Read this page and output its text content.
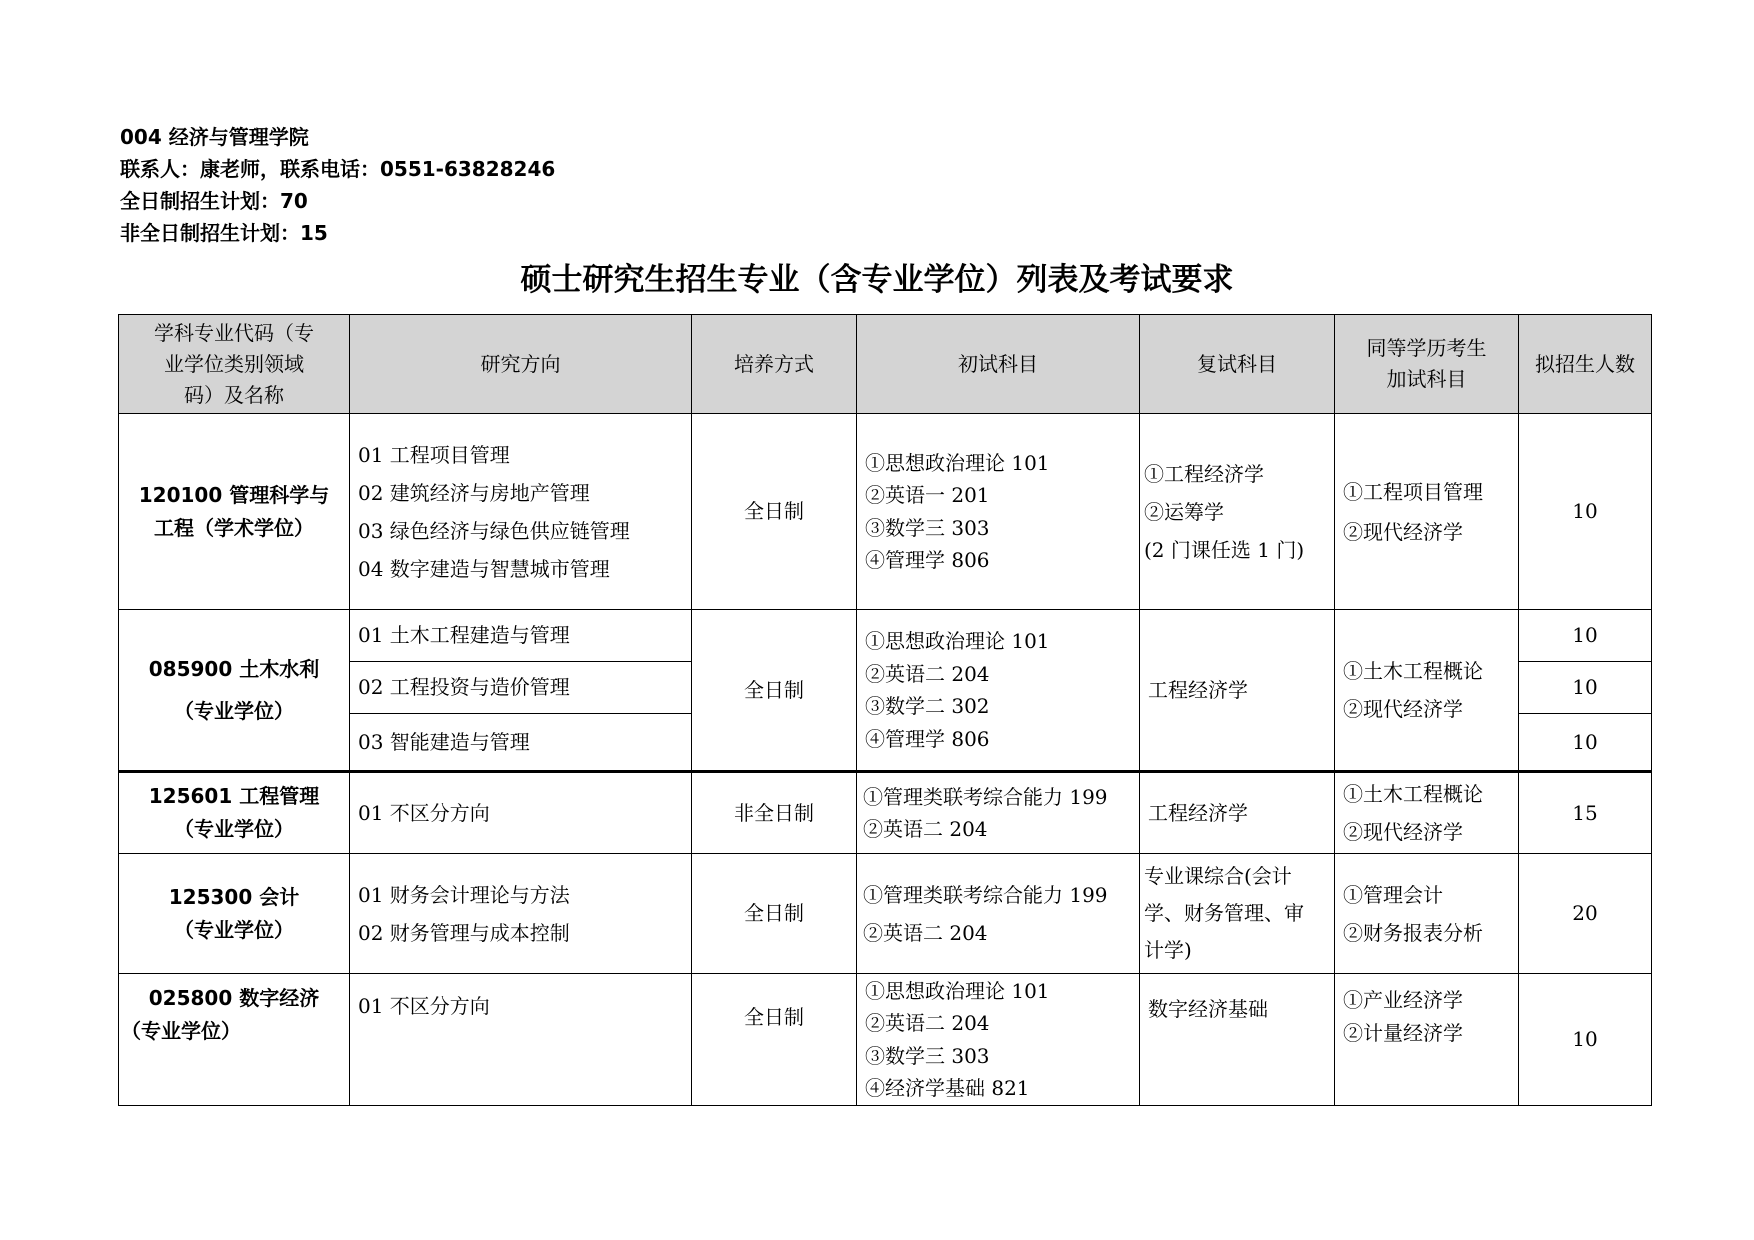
004 经济与管理学院
联系人：康老师，联系电话：0551-63828246
全日制招生计划：70
非全日制招生计划：15
硕士研究生招生专业（含专业学位）列表及考试要求
学科专业代码（专
业学位类别领域
码）及名称	研究方向	培养方式	初试科目	复试科目	同等学历考生
加试科目	拟招生人数

120100 管理科学与
工程（学术学位）	01 工程项目管理
02 建筑经济与房地产管理
03 绿色经济与绿色供应链管理
04 数字建造与智慧城市管理	全日制	①思想政治理论 101
②英语一 201
③数学三 303
④管理学 806	①工程经济学
②运筹学
(2 门课任选 1 门)	①工程项目管理
②现代经济学	10

085900 土木水利
（专业学位）	01 土木工程建造与管理	全日制	①思想政治理论 101
②英语二 204
③数学二 302
④管理学 806	工程经济学	①土木工程概论
②现代经济学	10
	02 工程投资与造价管理					10
	03 智能建造与管理					10

125601 工程管理
（专业学位）	01 不区分方向	非全日制	①管理类联考综合能力 199
②英语二 204	工程经济学	①土木工程概论
②现代经济学	15

125300 会计
（专业学位）	01 财务会计理论与方法
02 财务管理与成本控制	全日制	①管理类联考综合能力 199
②英语二 204	专业课综合(会计
学、财务管理、审
计学)	①管理会计
②财务报表分析	20

025800 数字经济
（专业学位）	01 不区分方向	全日制	①思想政治理论 101
②英语二 204
③数学三 303
④经济学基础 821	数字经济基础	①产业经济学
②计量经济学	10
